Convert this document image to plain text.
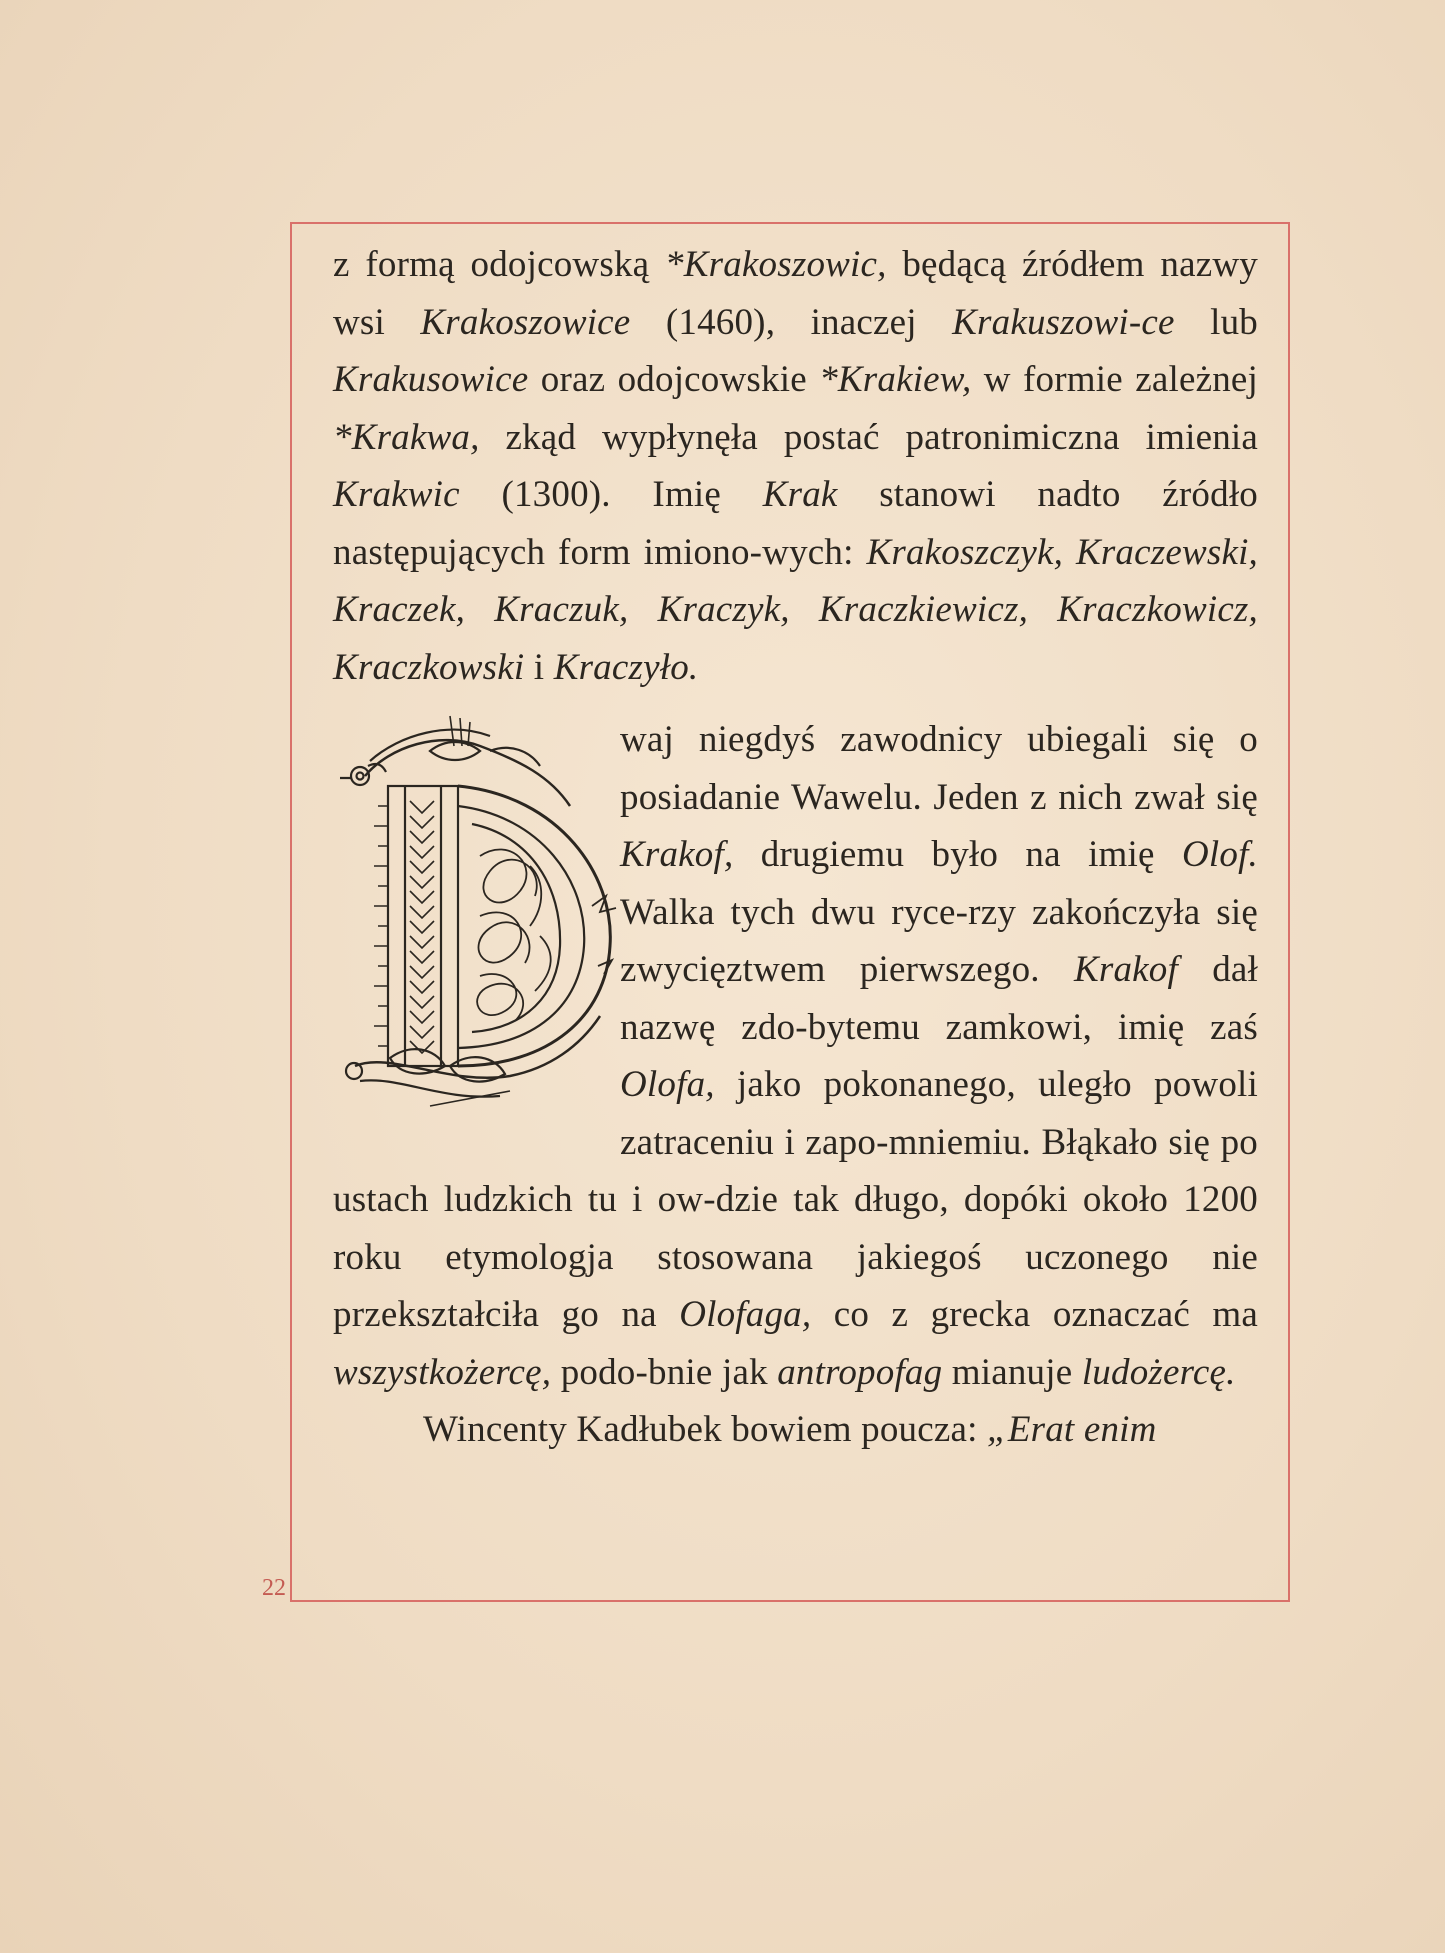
z formą odojcowską *Krakoszowic, będącą źródłem nazwy wsi Krakoszowice (1460), inaczej Krakuszowi-ce lub Krakusowice oraz odojcowskie *Krakiew, w formie zależnej *Krakwa, zkąd wypłynęła postać patronimiczna imienia Krakwic (1300). Imię Krak stanowi nadto źródło następujących form imiono-wych: Krakoszczyk, Kraczewski, Kraczek, Kraczuk, Kraczyk, Kraczkiewicz, Kraczkowicz, Kraczkowski i Kraczyło.

waj niegdyś zawodnicy ubiegali się o posiadanie Wawelu. Jeden z nich zwał się Krakof, drugiemu było na imię Olof. Walka tych dwu ryce-rzy zakończyła się zwycięztwem pierwszego. Krakof dał nazwę zdo-bytemu zamkowi, imię zaś Olofa, jako pokonanego, uległo powoli zatraceniu i zapo-mniemiu. Błąkało się po ustach ludzkich tu i ow-dzie tak długo, dopóki około 1200 roku etymologja stosowana jakiegoś uczonego nie przekształciła go na Olofaga, co z grecka oznaczać ma wszystkożercę, podo-bnie jak antropofag mianuje ludożercę.

Wincenty Kadłubek bowiem poucza: „Erat enim

22
